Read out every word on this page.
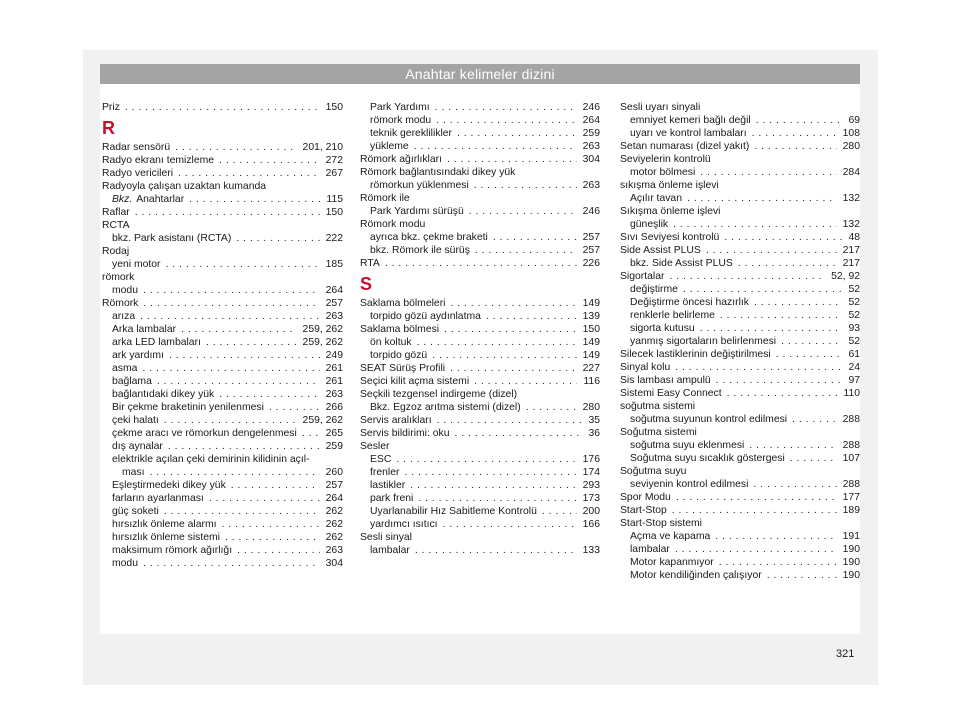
Anahtar kelimeler dizini
Priz . . .	150
R
Radar sensörü . . .	201, 210
Radyo ekranı temizleme . . .	272
Radyo vericileri . . .	267
Radyoyla çalışan uzaktan kumanda
Bkz. Anahtarlar . . .	115
Raflar . . .	150
RCTA
bkz. Park asistanı (RCTA) . . .	222
Rodaj
yeni motor . . .	185
römork
modu . . .	264
Römork . . .	257
arıza . . .	263
Arka lambalar . . .	259, 262
arka LED lambaları . . .	259, 262
ark yardımı . . .	249
asma . . .	261
bağlama . . .	261
bağlantıdaki dikey yük . . .	263
Bir çekme braketinin yenilenmesi . . .	266
çeki halatı . . .	259, 262
çekme aracı ve römorkun dengelenmesi . . .	265
dış aynalar . . .	259
elektrikle açılan çeki demirinin kilidinin açıl-
ması . . .	260
Eşleştirmedeki dikey yük . . .	257
farların ayarlanması . . .	264
güç soketi . . .	262
hırsızlık önleme alarmı . . .	262
hırsızlık önleme sistemi . . .	262
maksimum römork ağırlığı . . .	263
modu . . .	304
Park Yardımı . . .	246
römork modu . . .	264
teknik gereklilikler . . .	259
yükleme . . .	263
Römork ağırlıkları . . .	304
Römork bağlantısındaki dikey yük
römorkun yüklenmesi . . .	263
Römork ile
Park Yardımı sürüşü . . .	246
Römork modu
ayrıca bkz. çekme braketi . . .	257
bkz. Römork ile sürüş . . .	257
RTA . . .	226
S
Saklama bölmeleri . . .	149
torpido gözü aydınlatma . . .	139
Saklama bölmesi . . .	150
ön koltuk . . .	149
torpido gözü . . .	149
SEAT Sürüş Profili . . .	227
Seçici kilit açma sistemi . . .	116
Seçkili tezgensel indirgeme (dizel)
Bkz. Egzoz arıtma sistemi (dizel) . . .	280
Servis aralıkları . . .	35
Servis bildirimi: oku . . .	36
Sesler
ESC . . .	176
frenler . . .	174
lastikler . . .	293
park freni . . .	173
Uyarlanabilir Hız Sabitleme Kontrolü . . .	200
yardımcı ısıtıcı . . .	166
Sesli sinyal
lambalar . . .	133
Sesli uyarı sinyali
emniyet kemeri bağlı değil . . .	69
uyarı ve kontrol lambaları . . .	108
Setan numarası (dizel yakıt) . . .	280
Seviyelerin kontrolü
motor bölmesi . . .	284
sıkışma önleme işlevi
Açılır tavan . . .	132
Sıkışma önleme işlevi
güneşlik . . .	132
Sıvı Seviyesi kontrolü . . .	48
Side Assist PLUS . . .	217
bkz. Side Assist PLUS . . .	217
Sigortalar . . .	52, 92
değiştirme . . .	52
Değiştirme öncesi hazırlık . . .	52
renklerle belirleme . . .	52
sigorta kutusu . . .	93
yanmış sigortaların belirlenmesi . . .	52
Silecek lastiklerinin değiştirilmesi . . .	61
Sinyal kolu . . .	24
Sis lambası ampulü . . .	97
Sistemi Easy Connect . . .	110
soğutma sistemi
soğutma suyunun kontrol edilmesi . . .	288
Soğutma sistemi
soğutma suyu eklenmesi . . .	288
Soğutma suyu sıcaklık göstergesi . . .	107
Soğutma suyu
seviyenin kontrol edilmesi . . .	288
Spor Modu . . .	177
Start-Stop . . .	189
Start-Stop sistemi
Açma ve kapama . . .	191
lambalar . . .	190
Motor kapanmıyor . . .	190
Motor kendiliğinden çalışıyor . . .	190
321
